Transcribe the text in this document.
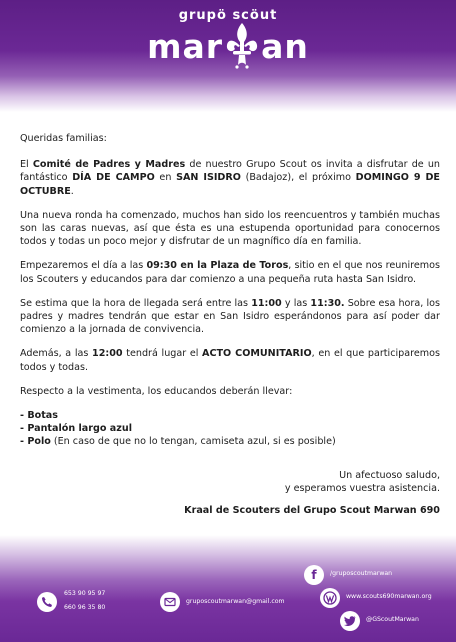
grupö scöut
mar an

Queridas familias:

El Comité de Padres y Madres de nuestro Grupo Scout os invita a disfrutar de un fantástico DÍA DE CAMPO en SAN ISIDRO (Badajoz), el próximo DOMINGO 9 DE OCTUBRE.

Una nueva ronda ha comenzado, muchos han sido los reencuentros y también muchas son las caras nuevas, así que ésta es una estupenda oportunidad para conocernos todos y todas un poco mejor y disfrutar de un magnífico día en familia.

Empezaremos el día a las 09:30 en la Plaza de Toros, sitio en el que nos reuniremos los Scouters y educandos para dar comienzo a una pequeña ruta hasta San Isidro.

Se estima que la hora de llegada será entre las 11:00 y las 11:30. Sobre esa hora, los padres y madres tendrán que estar en San Isidro esperándonos para así poder dar comienzo a la jornada de convivencia.

Además, a las 12:00 tendrá lugar el ACTO COMUNITARIO, en el que participaremos todos y todas.

Respecto a la vestimenta, los educandos deberán llevar:

- Botas

- Pantalón largo azul

- Polo (En caso de que no lo tengan, camiseta azul, si es posible)

Un afectuoso saludo,

y esperamos vuestra asistencia.

Kraal de Scouters del Grupo Scout Marwan 690

653 90 95 97
660 96 35 80
gruposcoutmarwan@gmail.com
f /gruposcoutmarwan
www.scouts690marwan.org
@GScoutMarwan
